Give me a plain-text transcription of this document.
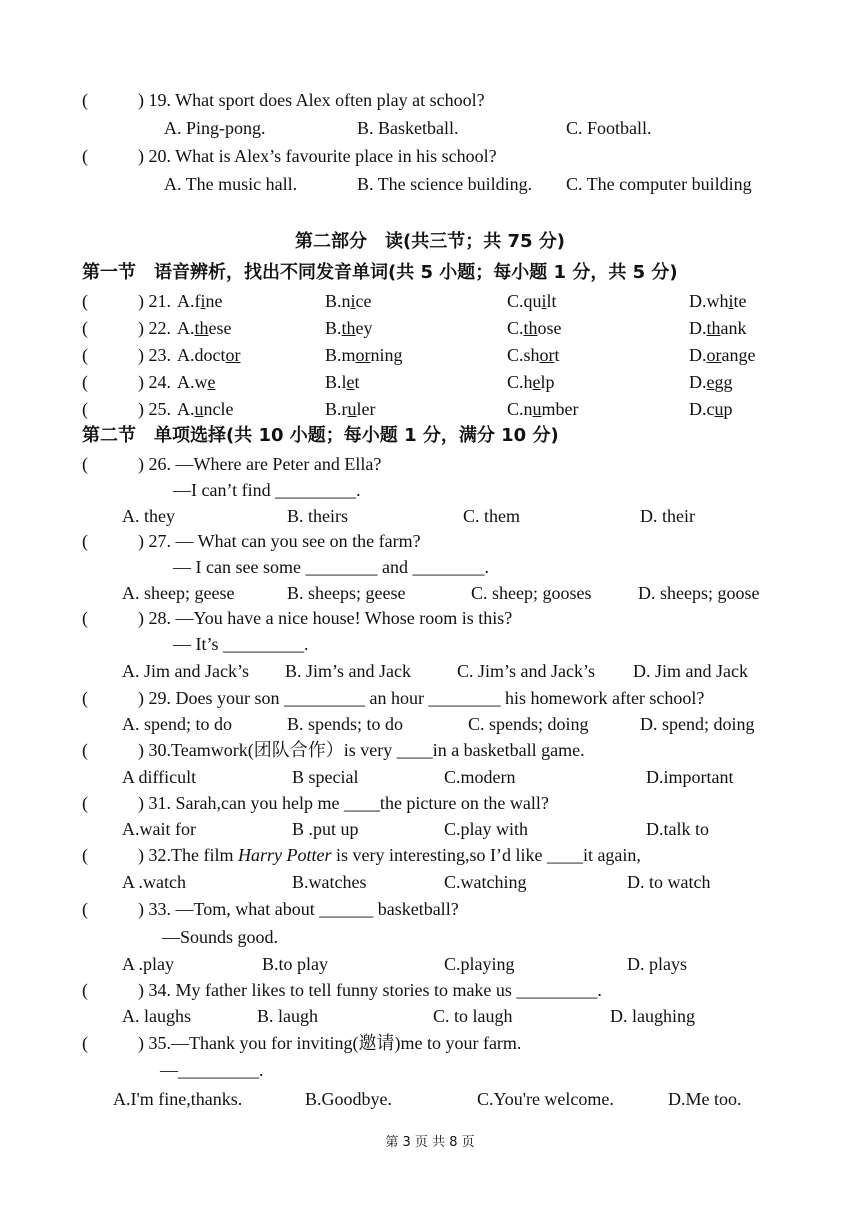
(	) 19. What sport does Alex often play at school?
A. Ping-pong.	B. Basketball.	C. Football.
(	) 20. What is Alex’s favourite place in his school?
A. The music hall.	B. The science building. C. The computer building
第二部分　读(共三节；共 75 分)
第一节　语音辨析，找出不同发音单词(共 5 小题；每小题 1 分，共 5 分)
(	) 21. A.fine	B.nice	C.quilt	D.white
(	) 22. A.these	B.they	C.those	D.thank
(	) 23. A.doctor	B.morning	C.short	D.orange
(	) 24. A.we	B.let	C.help	D.egg
(	) 25. A.uncle	B.ruler	C.number	D.cup
第二节　单项选择(共 10 小题；每小题 1 分，满分 10 分)
(	) 26. —Where are Peter and Ella?
—I can’t find _________.
A. they	B. theirs	C. them	D. their
(	) 27. — What can you see on the farm?
— I can see some ________ and ________.
A. sheep; geese	B. sheeps; geese	C. sheep; gooses	D. sheeps; goose
(	) 28. —You have a nice house! Whose room is this?
— It’s _________.
A. Jim and Jack’s B. Jim’s and Jack	C. Jim’s and Jack’s D. Jim and Jack
(	) 29. Does your son _________ an hour ________ his homework after school?
A. spend; to do	B. spends; to do	C. spends; doing	D. spend; doing
(	) 30.Teamwork(团队合作）is very ____in a basketball game.
A difficult	B special	C.modern	D.important
(	) 31. Sarah,can you help me ____the picture on the wall?
A.wait for	B .put up	C.play with	D.talk to
(	) 32.The film Harry Potter is very interesting,so I’d like ____it again,
A .watch	B.watches	C.watching	D. to watch
(	) 33. —Tom, what about ______ basketball?
—Sounds good.
A .play	B.to play	C.playing	D. plays
(	) 34. My father likes to tell funny stories to make us _________.
A. laughs	B. laugh	C. to laugh	D. laughing
(	) 35.—Thank you for inviting(邀请)me to your farm.
—_________.
A.I'm fine,thanks.	B.Goodbye.	C.You're welcome.	D.Me too.
第 3 页 共 8 页
